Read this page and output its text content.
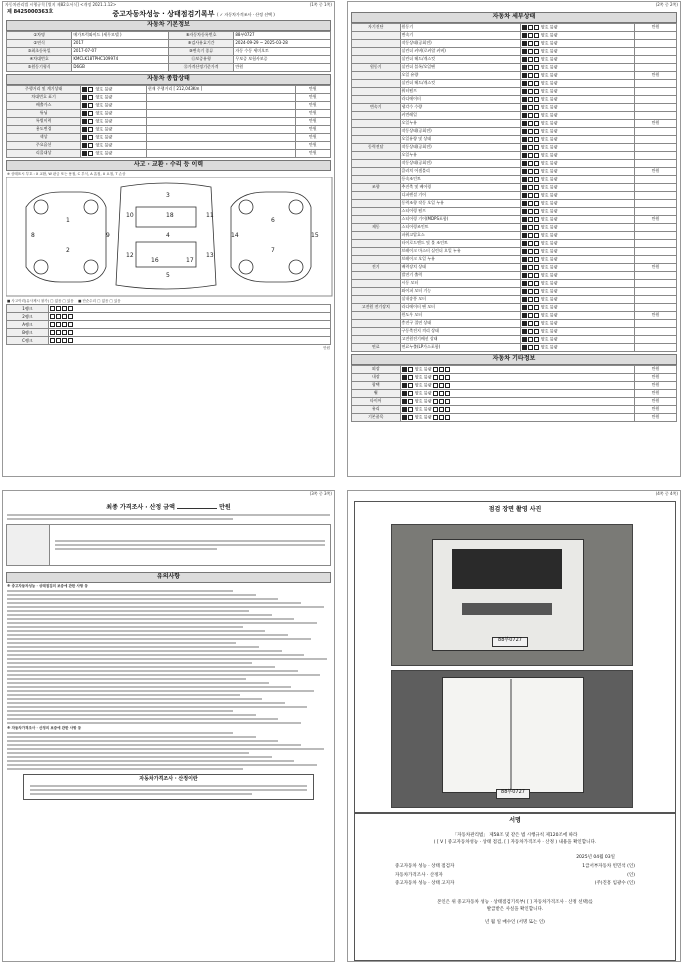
자동차관리법 시행규칙 [별지 제82호서식] <개정 2021.1.12>	(1쪽 중 1쪽)
제 8425000363호	중고자동차성능 · 상태점검기록부 ( ✓ 자동차가격조사 · 산정 선택 )
자동차 기본정보
①차명	메가트럭와이드 (세무모델 )	⑧자동차등록번호	88부0727
②연식	2017	⑨검사유효기간	2024-09-29 ~ 2025-03-28
③최초등록일	2017-07-07	⑩변속기 종류	자동 수동 세미오토
④차대번호	KMCLK18TPHC109974	⑪보증유형	무보증 보험사보증
⑤원동기형식	D6GB	⑫가격산정기준가격	만원
자동차 종합상태
주행거리 및 계기상태	양호 불량	현재 주행거리 [ 212,043Km ]	만원
차대번호 표기	양호 불량		만원
배출가스	양호 불량		만원
튜닝	양호 불량		만원
특별이력	양호 불량		만원
용도변경	양호 불량		만원
색상	양호 불량		만원
주요옵션	양호 불량		만원
리콜대상	양호 불량		만원
사고 · 교환 · 수리 등 이력
※ 상태표시 부호 : X 교환, W 판금 또는 용접, C 부식, A 흠집, U 요철, T 손상
1
2
3
4
5
6
7
8	9
10	11
12	13
14	15
16	17
18
■ 사고이력(유사제시 불가) □ 없음 □ 있음    ■ 단순수리 □ 없음 □ 있음
1랭크	
2랭크	
A랭크	
B랭크	
C랭크	
만원
(2쪽 중 2쪽)
자동차 세부상태
자기진단	원동기	양호 불량	만원
	변속기	양호 불량	
	작동상태(공회전)	양호 불량	
	실린더 커버(로커암 커버)	양호 불량	
	실린더 헤드/개스킷	양호 불량	
원동기	실린더 블록/오일팬	양호 불량	
	오일 유량	양호 불량	만원
	실린더 헤드/개스킷	양호 불량	
	워터펌프	양호 불량	
	라디에이터	양호 불량	
변속기	냉각수 수량	양호 불량	
	커먼레일	양호 불량	
	오일누유	양호 불량	만원
	작동상태(공회전)	양호 불량	
	오일유량 및 상태	양호 불량	
동력전달	작동상태(공회전)	양호 불량	
	오일누유	양호 불량	
	작동상태(공회전)	양호 불량	
	클러치 어셈블리	양호 불량	만원
	등속조인트	양호 불량	
조향	추진축 및 베어링	양호 불량	
	디퍼렌셜 기어	양호 불량	
	동력조향 작동 오일 누유	양호 불량	
	스티어링 펌프	양호 불량	
	스티어링 기어(MDPS포함)	양호 불량	만원
제동	스티어링조인트	양호 불량	
	파워고압호스	양호 불량	
	타이로드엔드 및 볼 조인트	양호 불량	
	브레이크 마스터 실린더 오일 누유	양호 불량	
	브레이크 오일 누유	양호 불량	
전기	배력장치 상태	양호 불량	만원
	발전기 출력	양호 불량	
	시동 모터	양호 불량	
	와이퍼 모터 기능	양호 불량	
	실내송풍 모터	양호 불량	
고전원 전기장치	라디에이터 팬 모터	양호 불량	
	윈도우 모터	양호 불량	만원
	충전구 절연 상태	양호 불량	
	구동축전지 격리 상태	양호 불량	
	고전원전기배선 상태	양호 불량	
연료	연료누출(LP가스포함)	양호 불량	
자동차 기타정보
외장	양호 불량	만원
내장	양호 불량	만원
광택	양호 불량	만원
휠	양호 불량	만원
타이어	양호 불량	만원
유리	양호 불량	만원
기본품목	양호 불량	만원
(3쪽 중 3쪽)
최종 가격조사 · 산정 금액	만원

유의사항
※ 중고자동차성능 · 상태점검의 보증에 관한 사항 등
※ 자동차가격조사 · 산정의 보증에 관한 사항 등
자동차가격조사 · 산정이란
(4쪽 중 4쪽)
점검 장면 촬영 사진
88부0727
88부0727
서명
「자동차관리법」 제58조 및 같은 법 시행규칙 제120조에 따라
( [ V ] 중고자동차성능 · 상태 점검, [ ] 자동차가격조사 · 산정 ) 내용을 확인합니다.
2025년 04월 03일
중고자동차 성능 · 상태 점검자	1급서부자동차 빈민석 (인)
자동차가격조사 · 산정자	(인)
중고자동차 성능 · 상태 고지자	(주)진흥 임광수 (인)
본인은 위 중고자동차 성능 · 상태점검기록부( [ ] 자동차가격조사 · 산정 선택)를
발급받은 사실을 확인합니다.
년 월 일 매수인 (서명 또는 인)
